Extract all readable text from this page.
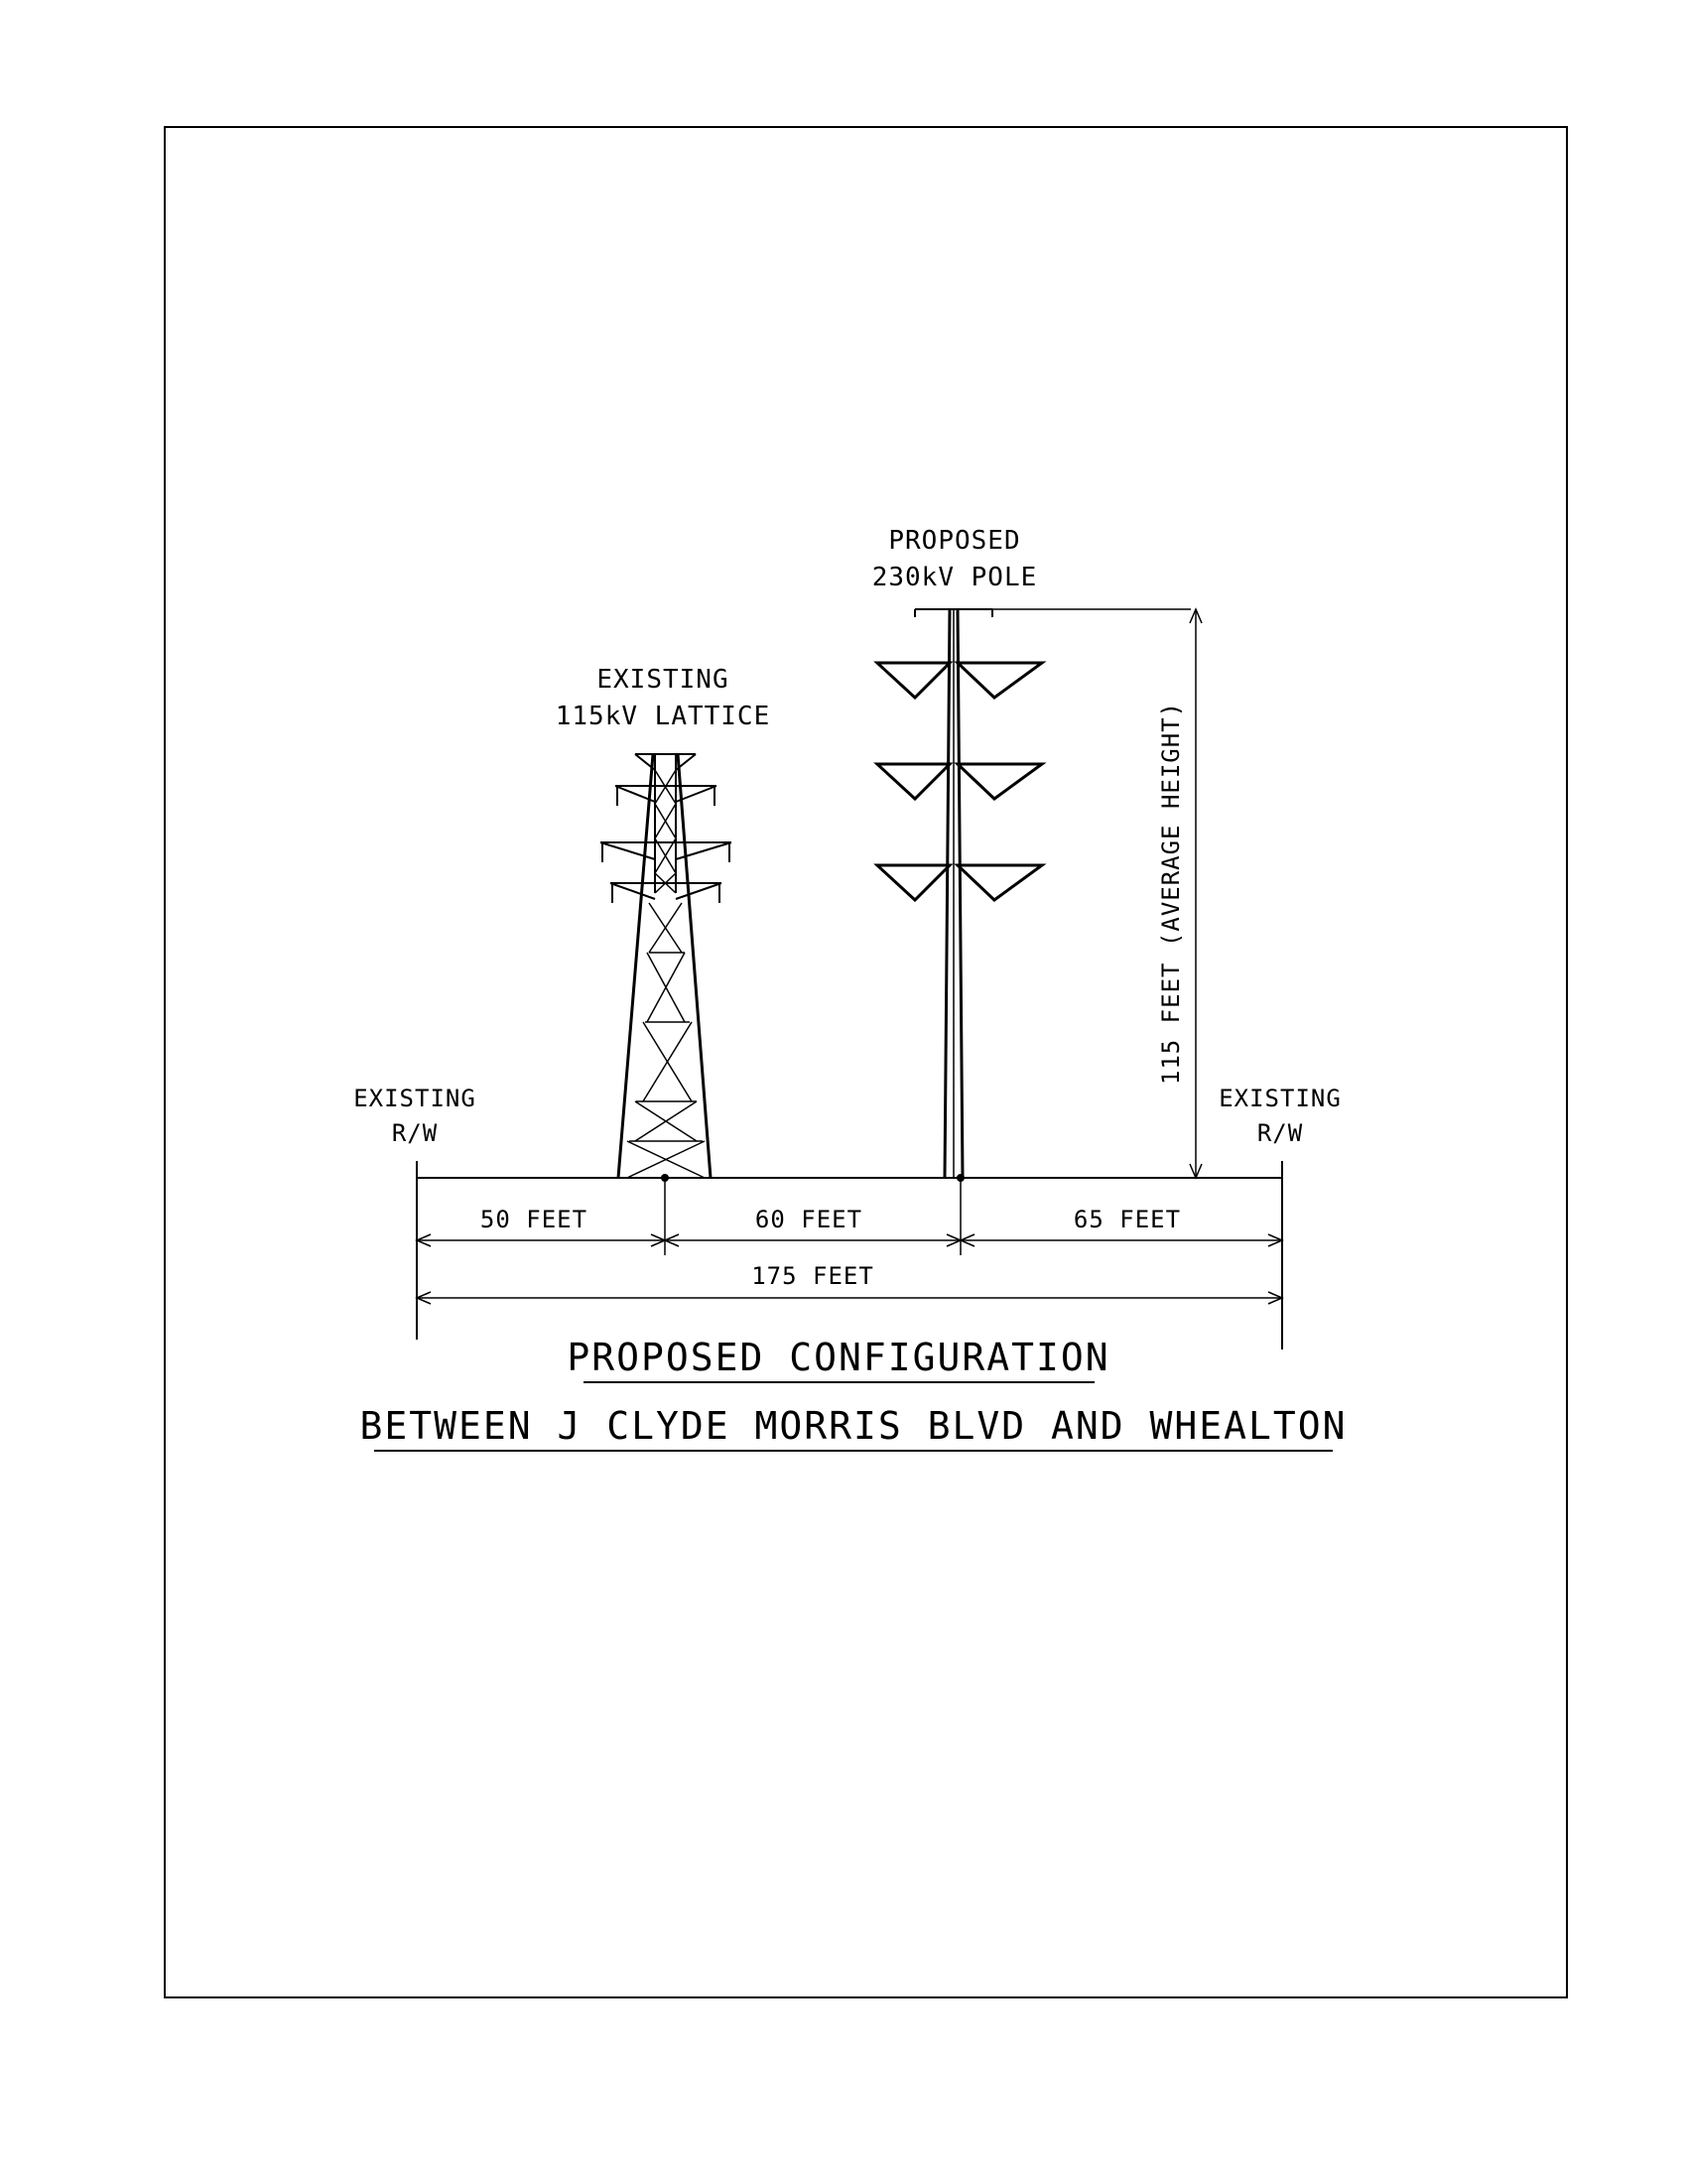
EXISTING
115kV LATTICE
PROPOSED
230kV POLE
EXISTING
R/W
EXISTING
R/W
115 FEET (AVERAGE HEIGHT)
50 FEET	60 FEET	65 FEET
175 FEET
PROPOSED CONFIGURATION
BETWEEN J CLYDE MORRIS BLVD AND WHEALTON
